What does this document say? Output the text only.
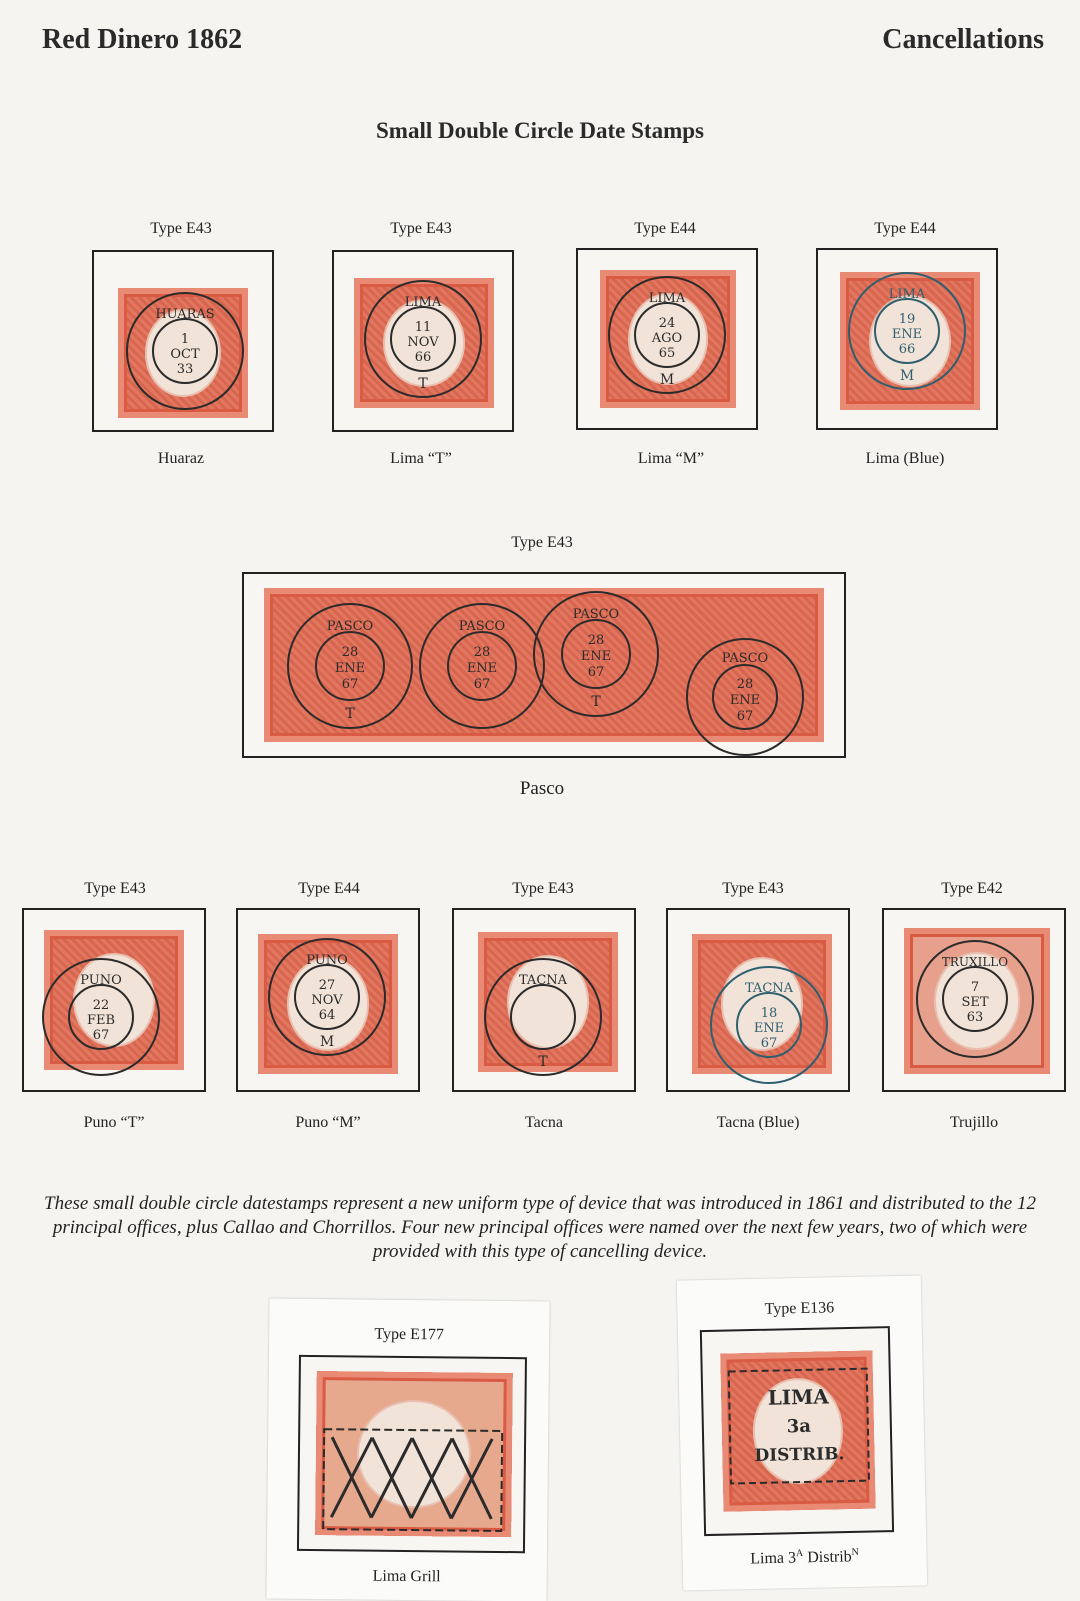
Red Dinero 1862	Cancellations
Small Double Circle Date Stamps
Type E43
HUARAS
1
OCT
33
Huaraz
Type E43
LIMA
11
NOV
66
T
Lima “T”
Type E44
LIMA
24
AGO
65
M
Lima “M”
Type E44
LIMA
19
ENE
66
M
Lima (Blue)
Type E43
PASCO
28
ENE
67
T
PASCO
28
ENE
67
PASCO
28
ENE
67
T
PASCO
28
ENE
67
Pasco
Type E43
PUNO
22
FEB
67
Puno “T”
Type E44
PUNO
27
NOV
64
M
Puno “M”
Type E43
TACNA
T
Tacna
Type E43
TACNA
18
ENE
67
Tacna (Blue)
Type E42
TRUXILLO
7
SET
63
Trujillo
These small double circle datestamps represent a new uniform type of device that was introduced in 1861 and distributed to the 12 principal offices, plus Callao and Chorrillos. Four new principal offices were named over the next few years, two of which were provided with this type of cancelling device.
Type E177
Lima Grill
Type E136
LIMA
3a
DISTRIB.
Lima $3^A$ Distrib$^N$
